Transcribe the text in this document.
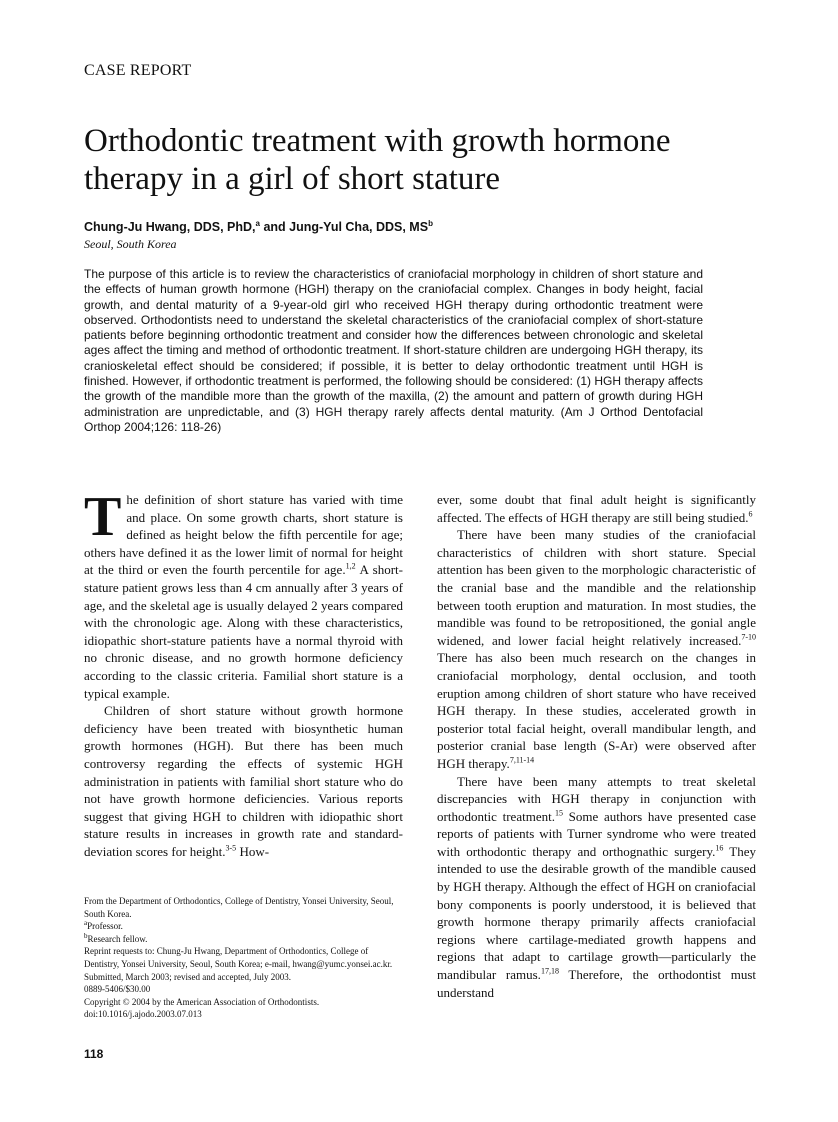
CASE REPORT
Orthodontic treatment with growth hormone therapy in a girl of short stature
Chung-Ju Hwang, DDS, PhD,$^a$ and Jung-Yul Cha, DDS, $MS^b$
Seoul, South Korea

The purpose of this article is to review the characteristics of craniofacial morphology in children of short stature and the effects of human growth hormone (HGH) therapy on the craniofacial complex. Changes in body height, facial growth, and dental maturity of a 9-year-old girl who received HGH therapy during orthodontic treatment were observed. Orthodontists need to understand the skeletal characteristics of the craniofacial complex of short-stature patients before beginning orthodontic treatment and consider how the differences between chronologic and skeletal ages affect the timing and method of orthodontic treatment. If short-stature children are undergoing HGH therapy, its cranioskeletal effect should be considered; if possible, it is better to delay orthodontic treatment until HGH is finished. However, if orthodontic treatment is performed, the following should be considered: (1) HGH therapy affects the growth of the mandible more than the growth of the maxilla, (2) the amount and pattern of growth during HGH administration are unpredictable, and (3) HGH therapy rarely affects dental maturity. (Am J Orthod Dentofacial Orthop 2004;126: 118-26)

The definition of short stature has varied with time and place. On some growth charts, short stature is defined as height below the fifth percentile for age; others have defined it as the lower limit of normal for height at the third or even the fourth percentile for age.$^{1,2}$ A short-stature patient grows less than 4 cm annually after 3 years of age, and the skeletal age is usually delayed 2 years compared with the chronologic age. Along with these characteristics, idiopathic short-stature patients have a normal thyroid with no chronic disease, and no growth hormone deficiency according to the classic criteria. Familial short stature is a typical example.

Children of short stature without growth hormone deficiency have been treated with biosynthetic human growth hormones (HGH). But there has been much controversy regarding the effects of systemic HGH administration in patients with familial short stature who do not have growth hormone deficiencies. Various reports suggest that giving HGH to children with idiopathic short stature results in increases in growth rate and standard-deviation scores for height.$^{3-5}$ How-

ever, some doubt that final adult height is significantly affected. The effects of HGH therapy are still being studied.$^6$

There have been many studies of the craniofacial characteristics of children with short stature. Special attention has been given to the morphologic characteristic of the cranial base and the mandible and the relationship between tooth eruption and maturation. In most studies, the mandible was found to be retropositioned, the gonial angle widened, and lower facial height relatively increased.$^{7-10}$ There has also been much research on the changes in craniofacial morphology, dental occlusion, and tooth eruption among children of short stature who have received HGH therapy. In these studies, accelerated growth in posterior total facial height, overall mandibular length, and posterior cranial base length (S-Ar) were observed after HGH therapy.$^{7,11-14}$

There have been many attempts to treat skeletal discrepancies with HGH therapy in conjunction with orthodontic treatment.$^{15}$ Some authors have presented case reports of patients with Turner syndrome who were treated with orthodontic therapy and orthognathic surgery.$^{16}$ They intended to use the desirable growth of the mandible caused by HGH therapy. Although the effect of HGH on craniofacial bony components is poorly understood, it is believed that growth hormone therapy primarily affects craniofacial regions where cartilage-mediated growth happens and regions that adapt to cartilage growth—particularly the mandibular ramus.$^{17,18}$ Therefore, the orthodontist must understand

From the Department of Orthodontics, College of Dentistry, Yonsei University, Seoul, South Korea.
$^a$Professor.
$^b$Research fellow.
Reprint requests to: Chung-Ju Hwang, Department of Orthodontics, College of Dentistry, Yonsei University, Seoul, South Korea; e-mail, hwang@yumc.yonsei.ac.kr.
Submitted, March 2003; revised and accepted, July 2003.
0889-5406/$30.00
Copyright © 2004 by the American Association of Orthodontists.
doi:10.1016/j.ajodo.2003.07.013
118
